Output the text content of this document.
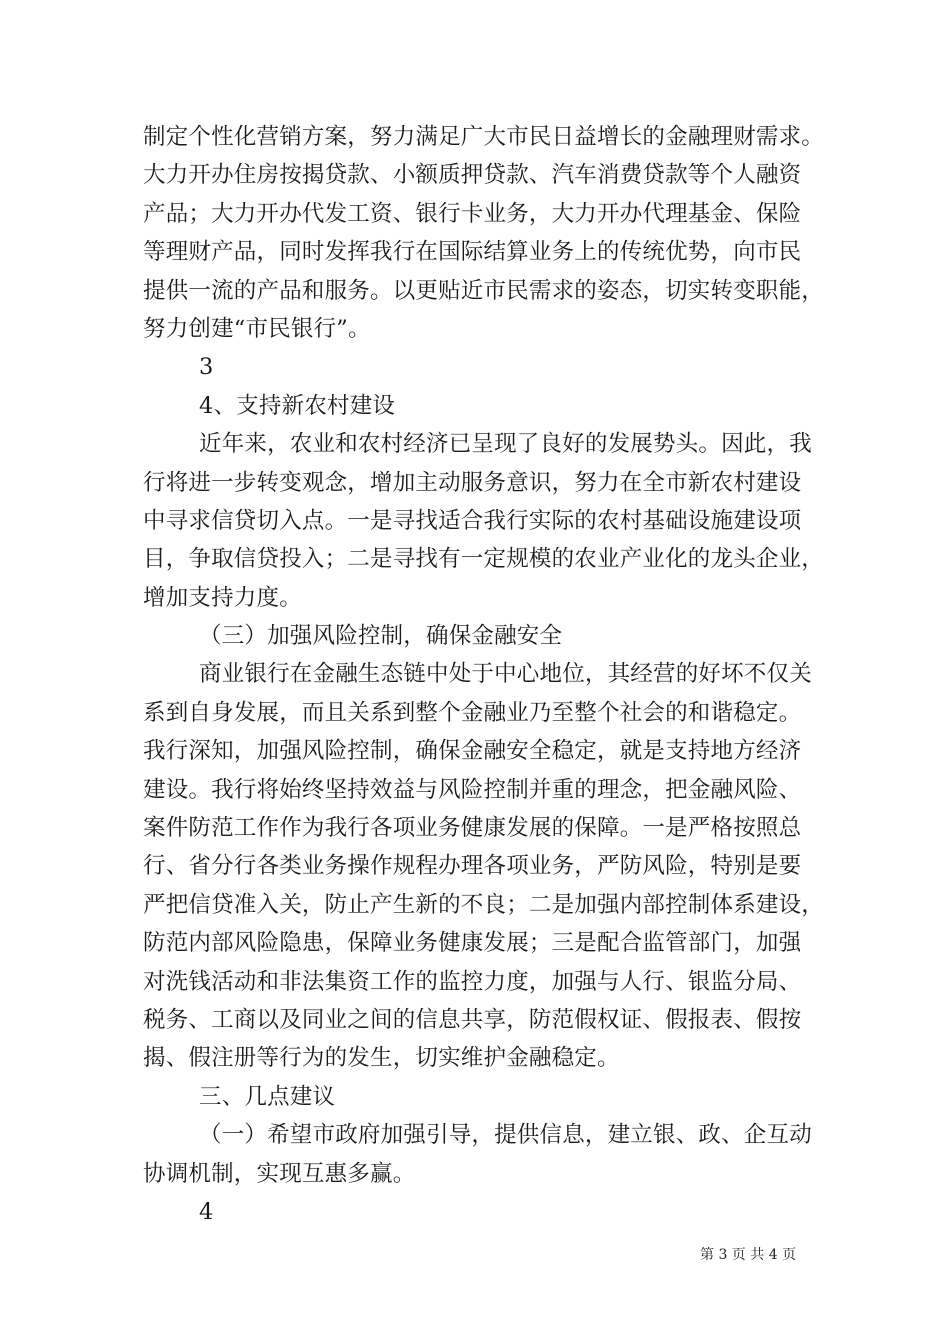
制定个性化营销方案，努力满足广大市民日益增长的金融理财需求。
大力开办住房按揭贷款、小额质押贷款、汽车消费贷款等个人融资
产品；大力开办代发工资、银行卡业务，大力开办代理基金、保险
等理财产品，同时发挥我行在国际结算业务上的传统优势，向市民
提供一流的产品和服务。以更贴近市民需求的姿态，切实转变职能，
努力创建“市民银行”。
3
4、支持新农村建设
近年来，农业和农村经济已呈现了良好的发展势头。因此，我
行将进一步转变观念，增加主动服务意识，努力在全市新农村建设
中寻求信贷切入点。一是寻找适合我行实际的农村基础设施建设项
目，争取信贷投入；二是寻找有一定规模的农业产业化的龙头企业，
增加支持力度。
（三）加强风险控制，确保金融安全
商业银行在金融生态链中处于中心地位，其经营的好坏不仅关
系到自身发展，而且关系到整个金融业乃至整个社会的和谐稳定。
我行深知，加强风险控制，确保金融安全稳定，就是支持地方经济
建设。我行将始终坚持效益与风险控制并重的理念，把金融风险、
案件防范工作作为我行各项业务健康发展的保障。一是严格按照总
行、省分行各类业务操作规程办理各项业务，严防风险，特别是要
严把信贷准入关，防止产生新的不良；二是加强内部控制体系建设，
防范内部风险隐患，保障业务健康发展；三是配合监管部门，加强
对洗钱活动和非法集资工作的监控力度，加强与人行、银监分局、
税务、工商以及同业之间的信息共享，防范假权证、假报表、假按
揭、假注册等行为的发生，切实维护金融稳定。
三、几点建议
（一）希望市政府加强引导，提供信息，建立银、政、企互动
协调机制，实现互惠多赢。
4
第 3 页 共 4 页
